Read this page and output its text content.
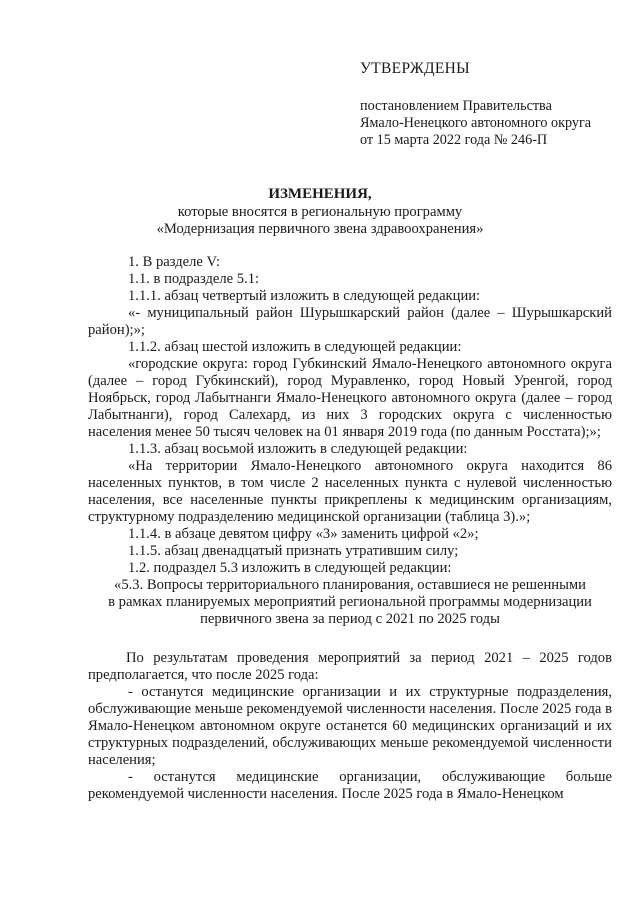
УТВЕРЖДЕНЫ
постановлением Правительства
Ямало-Ненецкого автономного округа
от 15 марта 2022 года № 246-П
ИЗМЕНЕНИЯ,
которые вносятся в региональную программу
«Модернизация первичного звена здравоохранения»
1. В разделе V:
1.1. в подразделе 5.1:
1.1.1. абзац четвертый изложить в следующей редакции:
«- муниципальный район Шурышкарский район (далее – Шурышкарский район);»;
1.1.2. абзац шестой изложить в следующей редакции:
«городские округа: город Губкинский Ямало-Ненецкого автономного округа (далее – город Губкинский), город Муравленко, город Новый Уренгой, город Ноябрьск, город Лабытнанги Ямало-Ненецкого автономного округа (далее – город Лабытнанги), город Салехард, из них 3 городских округа с численностью населения менее 50 тысяч человек на 01 января 2019 года (по данным Росстата);»;
1.1.3. абзац восьмой изложить в следующей редакции:
«На территории Ямало-Ненецкого автономного округа находится 86 населенных пунктов, в том числе 2 населенных пункта с нулевой численностью населения, все населенные пункты прикреплены к медицинским организациям, структурному подразделению медицинской организации (таблица 3).»;
1.1.4. в абзаце девятом цифру «3» заменить цифрой «2»;
1.1.5. абзац двенадцатый признать утратившим силу;
1.2. подраздел 5.3 изложить в следующей редакции:
«5.3. Вопросы территориального планирования, оставшиеся не решенными
в рамках планируемых мероприятий региональной программы модернизации
первичного звена за период с 2021 по 2025 годы
По результатам проведения мероприятий за период 2021 – 2025 годов предполагается, что после 2025 года:
- останутся медицинские организации и их структурные подразделения, обслуживающие меньше рекомендуемой численности населения. После 2025 года в Ямало-Ненецком автономном округе останется 60 медицинских организаций и их структурных подразделений, обслуживающих меньше рекомендуемой численности населения;
- останутся медицинские организации, обслуживающие больше рекомендуемой численности населения. После 2025 года в Ямало-Ненецком
